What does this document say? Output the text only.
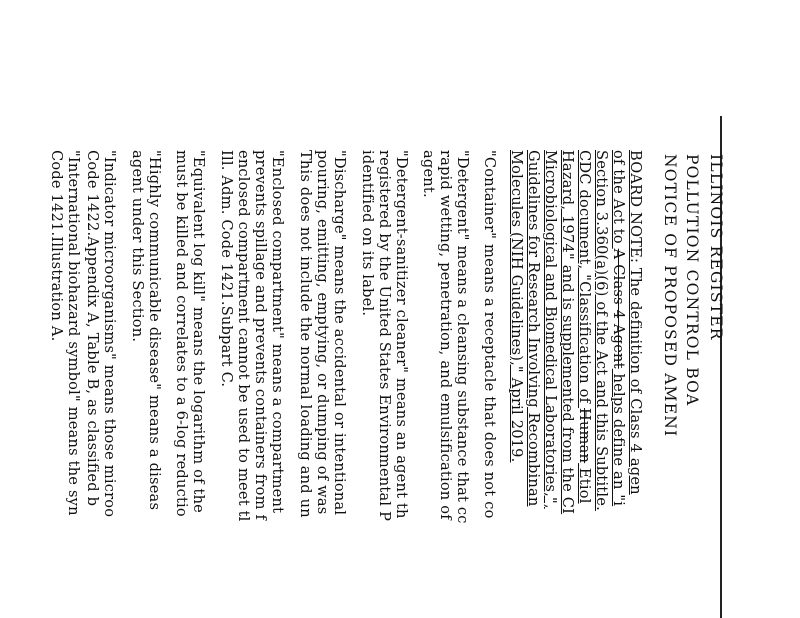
ILLINOIS REGISTER
POLLUTION CONTROL BOA
NOTICE OF PROPOSED AMENI
BOARD NOTE: The definition of Class 4 agen
of the Act to A Class 4 Agent helps define an "i
Section 3.360(a)(6) of the Act and this Subtitle.
CDC document, "Classification of Human Etiol
Hazard, 1974" and is supplemented from the CI
Microbiological and Biomedical Laboratories,",
Guidelines for Research Involving Recombinan
Molecules (NIH Guidelines)," April 2019.
"Container" means a receptacle that does not co
"Detergent" means a cleansing substance that cc
rapid wetting, penetration, and emulsification of
agent.
"Detergent-sanitizer cleaner" means an agent th
registered by the United States Environmental P
identified on its label.
"Discharge" means the accidental or intentional
pouring, emitting, emptying, or dumping of was
This does not include the normal loading and un
"Enclosed compartment" means a compartment
prevents spillage and prevents containers from f
enclosed compartment cannot be used to meet tl
Ill. Adm. Code 1421.Subpart C.
"Equivalent log kill" means the logarithm of the
must be killed and correlates to a 6-log reductio
"Highly communicable disease" means a diseas
agent under this Section.
"Indicator microorganisms" means those microo
Code 1422.Appendix A, Table B, as classified b
"International biohazard symbol" means the syn
Code 1421.Illustration A.
